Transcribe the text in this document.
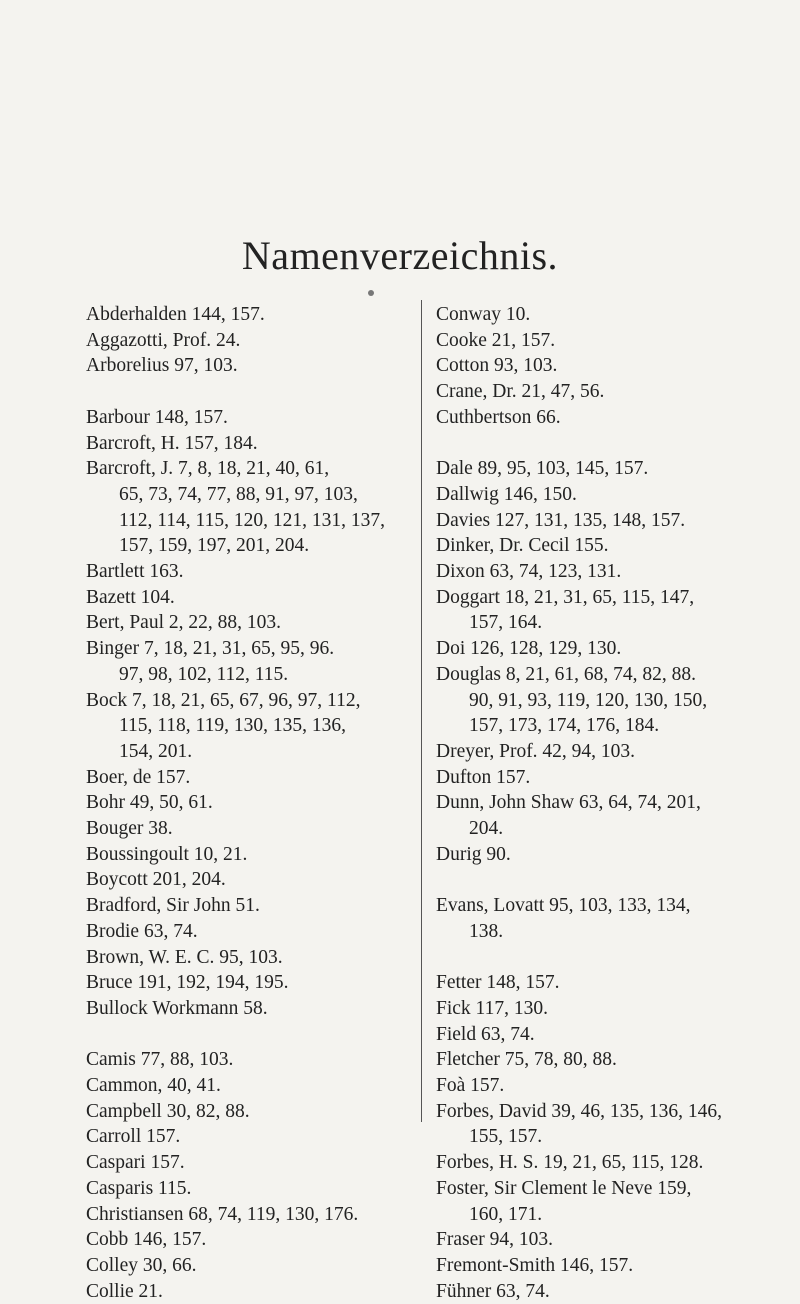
Namenverzeichnis.

Abderhalden 144, 157.

Aggazotti, Prof. 24.

Arborelius 97, 103.

Barbour 148, 157.

Barcroft, H. 157, 184.

Barcroft, J. 7, 8, 18, 21, 40, 61,
65, 73, 74, 77, 88, 91, 97, 103,
112, 114, 115, 120, 121, 131, 137,
157, 159, 197, 201, 204.

Bartlett 163.

Bazett 104.

Bert, Paul 2, 22, 88, 103.

Binger 7, 18, 21, 31, 65, 95, 96.
97, 98, 102, 112, 115.

Bock 7, 18, 21, 65, 67, 96, 97, 112,
115, 118, 119, 130, 135, 136,
154, 201.

Boer, de 157.

Bohr 49, 50, 61.

Bouger 38.

Boussingoult 10, 21.

Boycott 201, 204.

Bradford, Sir John 51.

Brodie 63, 74.

Brown, W. E. C. 95, 103.

Bruce 191, 192, 194, 195.

Bullock Workmann 58.

Camis 77, 88, 103.

Cammon, 40, 41.

Campbell 30, 82, 88.

Carroll 157.

Caspari 157.

Casparis 115.

Christiansen 68, 74, 119, 130, 176.

Cobb 146, 157.

Colley 30, 66.

Collie 21.

Conway 10.

Cooke 21, 157.

Cotton 93, 103.

Crane, Dr. 21, 47, 56.

Cuthbertson 66.

Dale 89, 95, 103, 145, 157.

Dallwig 146, 150.

Davies 127, 131, 135, 148, 157.

Dinker, Dr. Cecil 155.

Dixon 63, 74, 123, 131.

Doggart 18, 21, 31, 65, 115, 147,
157, 164.

Doi 126, 128, 129, 130.

Douglas 8, 21, 61, 68, 74, 82, 88.
90, 91, 93, 119, 120, 130, 150,
157, 173, 174, 176, 184.

Dreyer, Prof. 42, 94, 103.

Dufton 157.

Dunn, John Shaw 63, 64, 74, 201,
204.

Durig 90.

Evans, Lovatt 95, 103, 133, 134,
138.

Fetter 148, 157.

Fick 117, 130.

Field 63, 74.

Fletcher 75, 78, 80, 88.

Foà 157.

Forbes, David 39, 46, 135, 136, 146,
155, 157.

Forbes, H. S. 19, 21, 65, 115, 128.

Foster, Sir Clement le Neve 159,
160, 171.

Fraser 94, 103.

Fremont-Smith 146, 157.

Fühner 63, 74.
